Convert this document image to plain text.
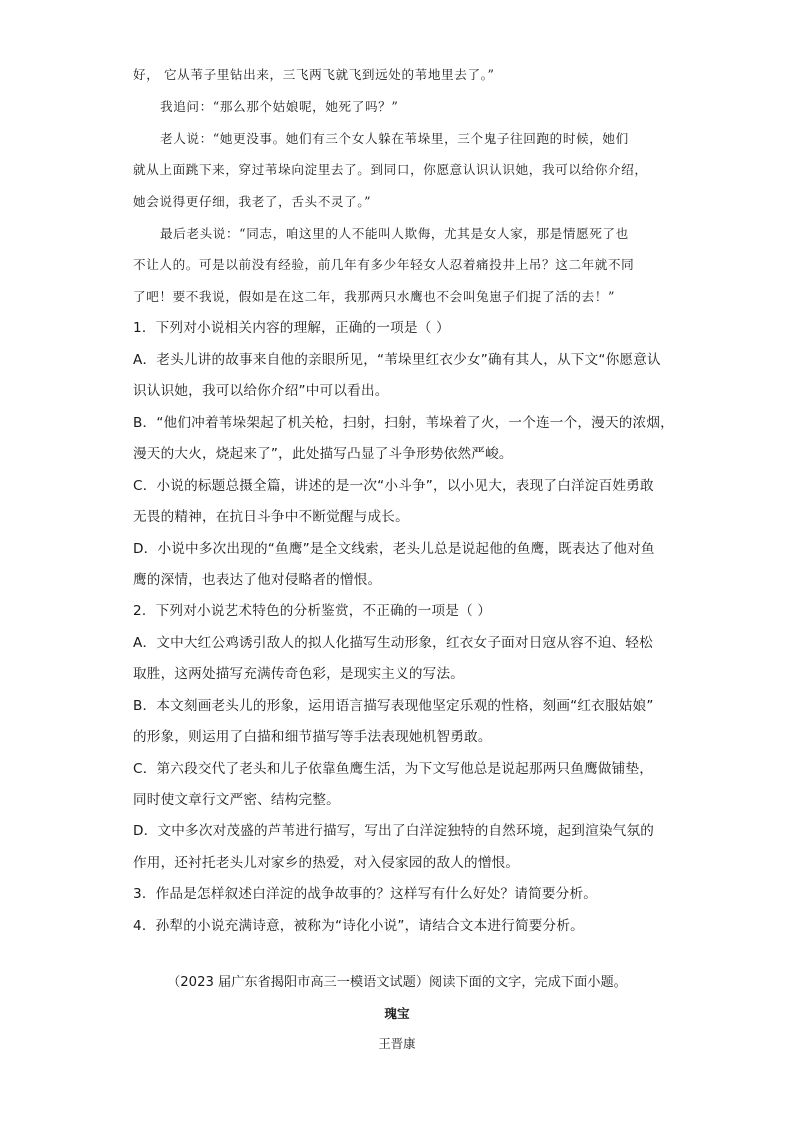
好， 它从苇子里钻出来，三飞两飞就飞到远处的苇地里去了。”
我追问：“那么那个姑娘呢，她死了吗？”
老人说：“她更没事。她们有三个女人躲在苇垛里，三个鬼子往回跑的时候，她们
就从上面跳下来，穿过苇垛向淀里去了。到同口，你愿意认识认识她，我可以给你介绍，
她会说得更仔细，我老了，舌头不灵了。”
最后老头说：“同志，咱这里的人不能叫人欺侮，尤其是女人家，那是情愿死了也
不让人的。可是以前没有经验，前几年有多少年轻女人忍着痛投井上吊？这二年就不同
了吧！要不我说，假如是在这二年，我那两只水鹰也不会叫兔崽子们捉了活的去！”
1．下列对小说相关内容的理解，正确的一项是（ ）
A．老头儿讲的故事来自他的亲眼所见，“苇垛里红衣少女”确有其人，从下文“你愿意认
识认识她，我可以给你介绍”中可以看出。
B．“他们冲着苇垛架起了机关枪，扫射，扫射，苇垛着了火，一个连一个，漫天的浓烟，
漫天的大火，烧起来了”，此处描写凸显了斗争形势依然严峻。
C．小说的标题总摄全篇，讲述的是一次“小斗争”，以小见大，表现了白洋淀百姓勇敢
无畏的精神，在抗日斗争中不断觉醒与成长。
D．小说中多次出现的“鱼鹰”是全文线索，老头儿总是说起他的鱼鹰，既表达了他对鱼
鹰的深情，也表达了他对侵略者的憎恨。
2．下列对小说艺术特色的分析鉴赏，不正确的一项是（ ）
A．文中大红公鸡诱引敌人的拟人化描写生动形象，红衣女子面对日寇从容不迫、轻松
取胜，这两处描写充满传奇色彩，是现实主义的写法。
B．本文刻画老头儿的形象，运用语言描写表现他坚定乐观的性格，刻画“红衣服姑娘”
的形象，则运用了白描和细节描写等手法表现她机智勇敢。
C．第六段交代了老头和儿子依靠鱼鹰生活，为下文写他总是说起那两只鱼鹰做铺垫，
同时使文章行文严密、结构完整。
D．文中多次对茂盛的芦苇进行描写，写出了白洋淀独特的自然环境，起到渲染气氛的
作用，还衬托老头儿对家乡的热爱，对入侵家园的敌人的憎恨。
3．作品是怎样叙述白洋淀的战争故事的？这样写有什么好处？请简要分析。
4．孙犁的小说充满诗意，被称为“诗化小说”，请结合文本进行简要分析。
（2023 届广东省揭阳市高三一模语文试题）阅读下面的文字，完成下面小题。
瑰宝
王晋康
